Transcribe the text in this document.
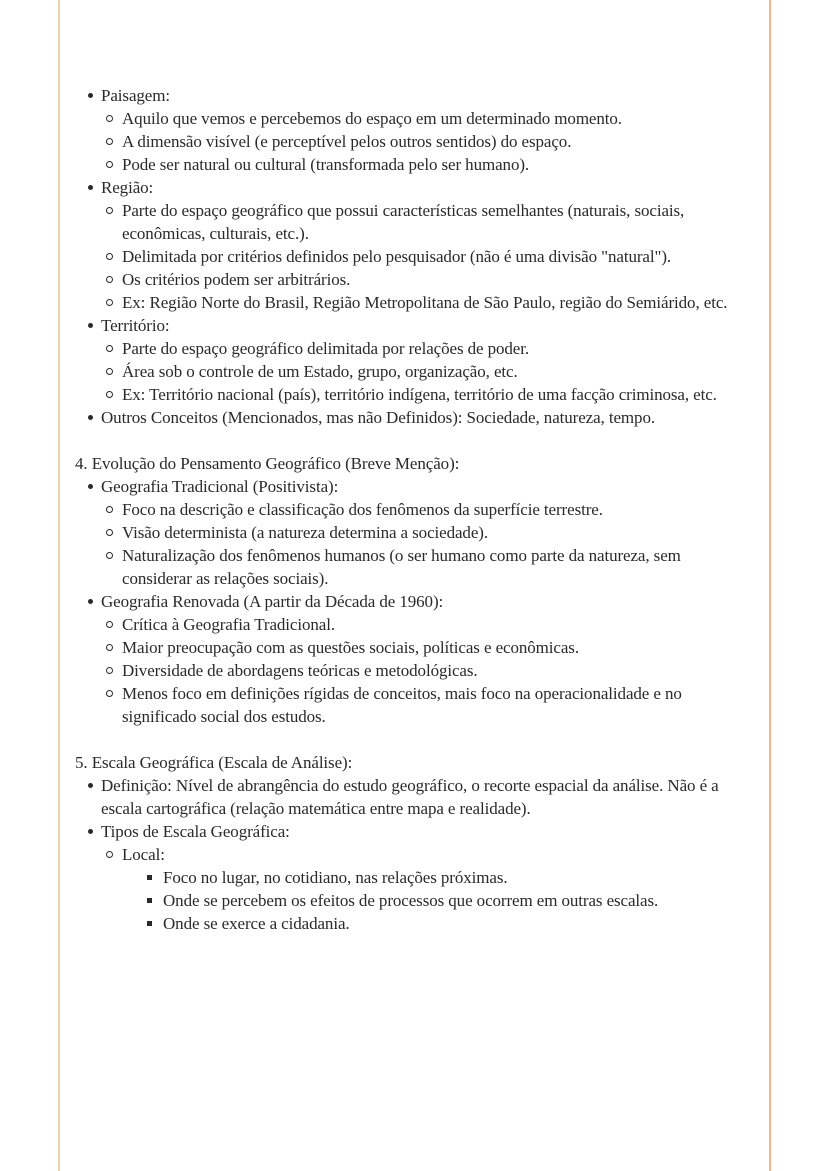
Paisagem:
Aquilo que vemos e percebemos do espaço em um determinado momento.
A dimensão visível (e perceptível pelos outros sentidos) do espaço.
Pode ser natural ou cultural (transformada pelo ser humano).
Região:
Parte do espaço geográfico que possui características semelhantes (naturais, sociais, econômicas, culturais, etc.).
Delimitada por critérios definidos pelo pesquisador (não é uma divisão "natural").
Os critérios podem ser arbitrários.
Ex: Região Norte do Brasil, Região Metropolitana de São Paulo, região do Semiárido, etc.
Território:
Parte do espaço geográfico delimitada por relações de poder.
Área sob o controle de um Estado, grupo, organização, etc.
Ex: Território nacional (país), território indígena, território de uma facção criminosa, etc.
Outros Conceitos (Mencionados, mas não Definidos): Sociedade, natureza, tempo.
4. Evolução do Pensamento Geográfico (Breve Menção):
Geografia Tradicional (Positivista):
Foco na descrição e classificação dos fenômenos da superfície terrestre.
Visão determinista (a natureza determina a sociedade).
Naturalização dos fenômenos humanos (o ser humano como parte da natureza, sem considerar as relações sociais).
Geografia Renovada (A partir da Década de 1960):
Crítica à Geografia Tradicional.
Maior preocupação com as questões sociais, políticas e econômicas.
Diversidade de abordagens teóricas e metodológicas.
Menos foco em definições rígidas de conceitos, mais foco na operacionalidade e no significado social dos estudos.
5. Escala Geográfica (Escala de Análise):
Definição: Nível de abrangência do estudo geográfico, o recorte espacial da análise. Não é a escala cartográfica (relação matemática entre mapa e realidade).
Tipos de Escala Geográfica:
Local:
Foco no lugar, no cotidiano, nas relações próximas.
Onde se percebem os efeitos de processos que ocorrem em outras escalas.
Onde se exerce a cidadania.
